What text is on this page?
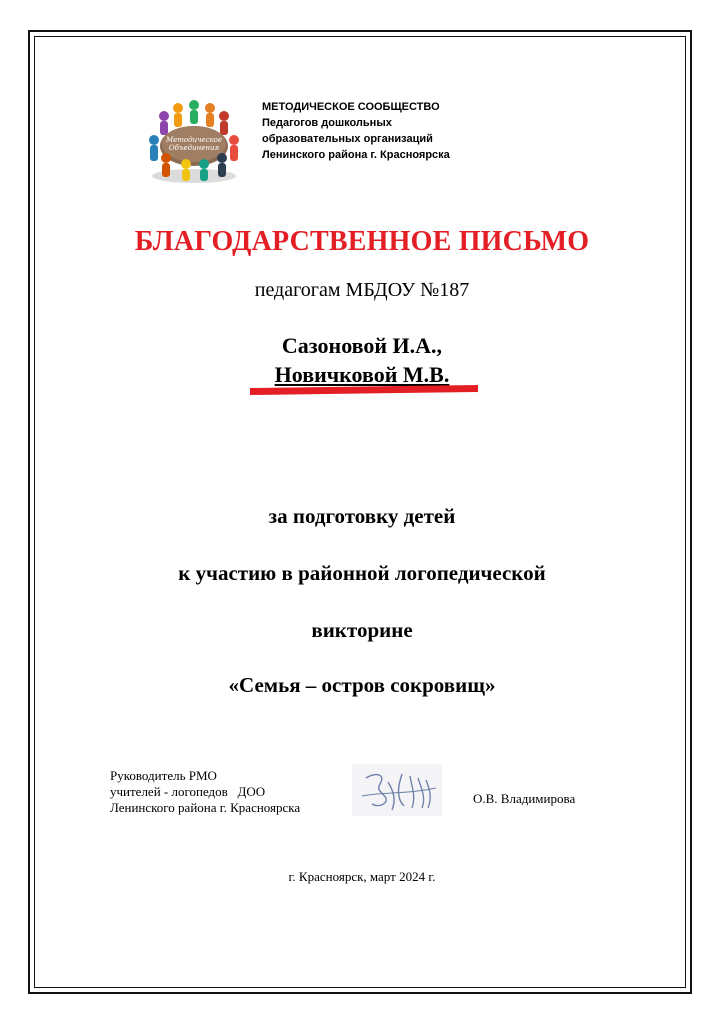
Методическое
Объединения
МЕТОДИЧЕСКОЕ СООБЩЕСТВО
Педагогов дошкольных
образовательных организаций
Ленинского района г. Красноярска
БЛАГОДАРСТВЕННОЕ ПИСЬМО
педагогам МБДОУ №187
Сазоновой И.А.,
Новичковой М.В.
за подготовку детей
к участию в районной логопедической
викторине
«Семья – остров сокровищ»
Руководитель РМО
учителей - логопедов   ДОО
Ленинского района г. Красноярска
О.В. Владимирова
г. Красноярск, март 2024 г.
